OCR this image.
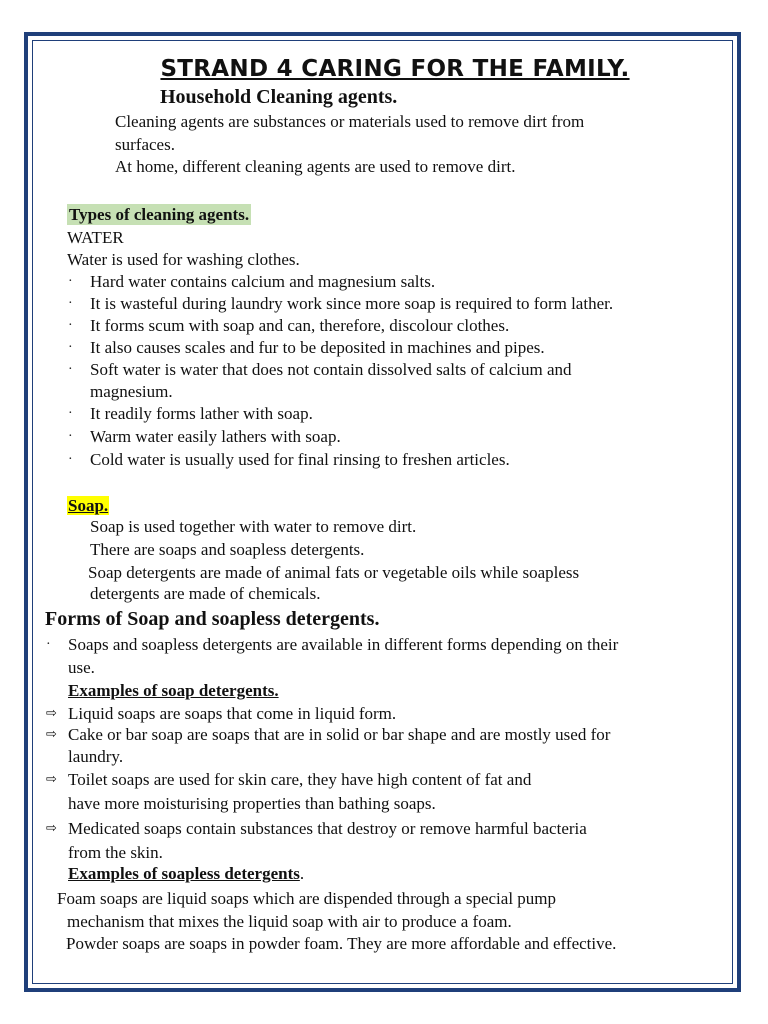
STRAND 4 CARING FOR THE FAMILY.
Household Cleaning agents.
Cleaning agents are substances or materials used to remove dirt from
surfaces.
At home, different cleaning agents are used to remove dirt.
Types of cleaning agents.
WATER
Water is used for washing clothes.
· Hard water contains calcium and magnesium salts.
· It is wasteful during laundry work since more soap is required to form lather.
· It forms scum with soap and can, therefore, discolour clothes.
· It also causes scales and fur to be deposited in machines and pipes.
· Soft water is water that does not contain dissolved salts of calcium and
magnesium.
· It readily forms lather with soap.
· Warm water easily lathers with soap.
· Cold water is usually used for final rinsing to freshen articles.
Soap.
Soap is used together with water to remove dirt.
There are soaps and soapless detergents.
Soap detergents are made of animal fats or vegetable oils while soapless
detergents are made of chemicals.
Forms of Soap and soapless detergents.
· Soaps and soapless detergents are available in different forms depending on their
use.
Examples of soap detergents.
⇨ Liquid soaps are soaps that come in liquid form.
⇨ Cake or bar soap are soaps that are in solid or bar shape and are mostly used for
laundry.
⇨ Toilet soaps are used for skin care, they have high content of fat and
have more moisturising properties than bathing soaps.
⇨ Medicated soaps contain substances that destroy or remove harmful bacteria
from the skin.
Examples of soapless detergents.
Foam soaps are liquid soaps which are dispended through a special pump
mechanism that mixes the liquid soap with air to produce a foam.
Powder soaps are soaps in powder foam. They are more affordable and effective.
